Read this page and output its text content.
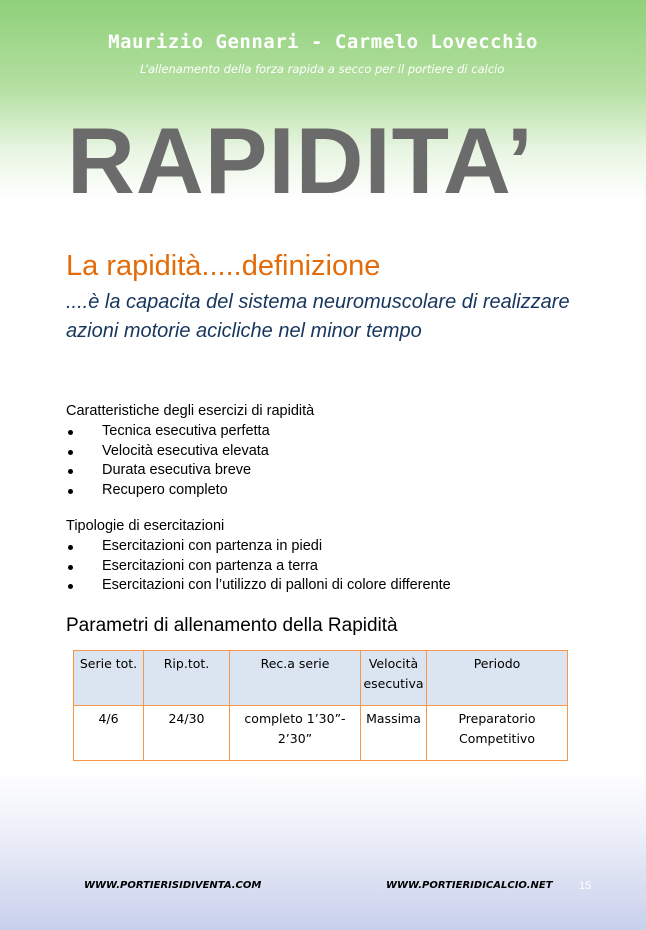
Maurizio Gennari - Carmelo Lovecchio
L’allenamento della forza rapida a secco per il portiere di calcio
RAPIDITA’
La rapidità.....definizione
....è la capacita del sistema neuromuscolare di realizzare azioni motorie acicliche nel minor tempo
Caratteristiche degli esercizi di rapidità
Tecnica esecutiva perfetta
Velocità esecutiva elevata
Durata esecutiva breve
Recupero completo
Tipologie di esercitazioni
Esercitazioni con partenza in piedi
Esercitazioni con partenza a terra
Esercitazioni con l’utilizzo di palloni di colore differente
Parametri di allenamento della Rapidità
Serie tot.	Rip.tot.	Rec.a serie	Velocità esecutiva	Periodo
4/6	24/30	completo 1’30”- 2’30”	Massima	Preparatorio Competitivo
WWW.PORTIERISIDIVENTA.COM	WWW.PORTIERIDICALCIO.NET 15
